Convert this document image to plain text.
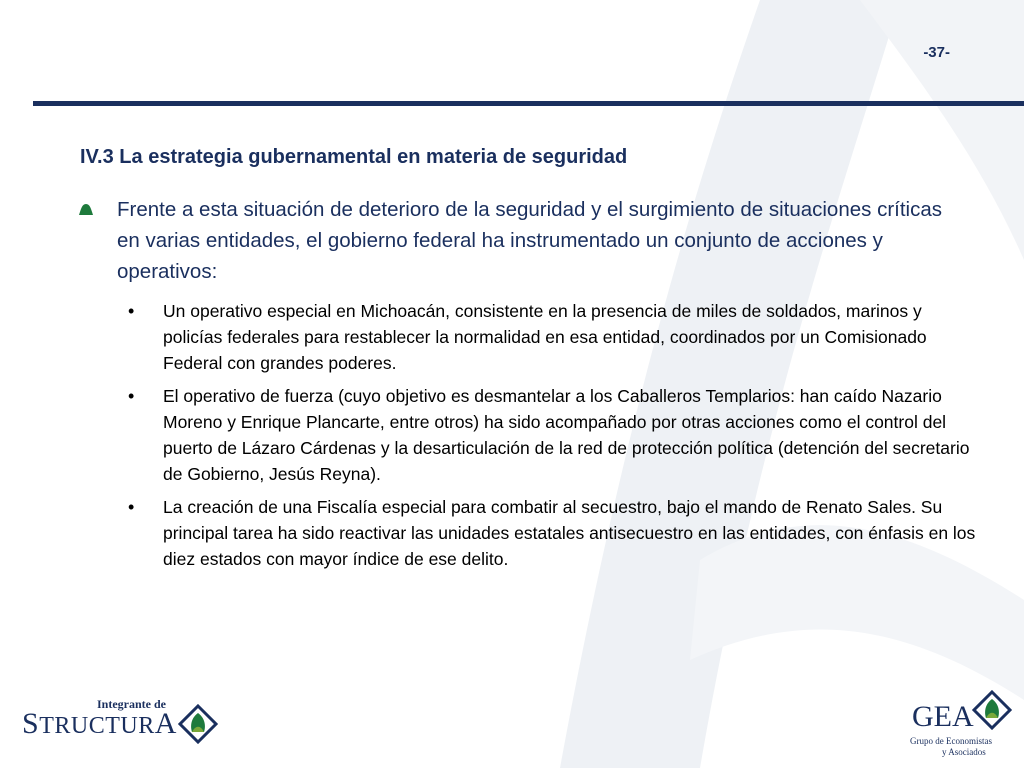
-37-
IV.3 La estrategia gubernamental en materia de seguridad
Frente a esta situación de deterioro de la seguridad y el surgimiento de situaciones críticas en varias entidades, el gobierno federal ha instrumentado un conjunto de acciones y operativos:
• Un operativo especial en Michoacán, consistente en la presencia de miles de soldados, marinos y policías federales para restablecer la normalidad en esa entidad, coordinados por un Comisionado Federal con grandes poderes.
• El operativo de fuerza (cuyo objetivo es desmantelar a los Caballeros Templarios: han caído Nazario Moreno y Enrique Plancarte, entre otros) ha sido acompañado por otras acciones como el control del puerto de Lázaro Cárdenas y la desarticulación de la red de protección política (detención del secretario de Gobierno, Jesús Reyna).
• La creación de una Fiscalía especial para combatir al secuestro, bajo el mando de Renato Sales. Su principal tarea ha sido reactivar las unidades estatales antisecuestro en las entidades, con énfasis en los diez estados con mayor índice de ese delito.
Integrante de
STRUCTURA	GEA
Grupo de Economistas
y Asociados
